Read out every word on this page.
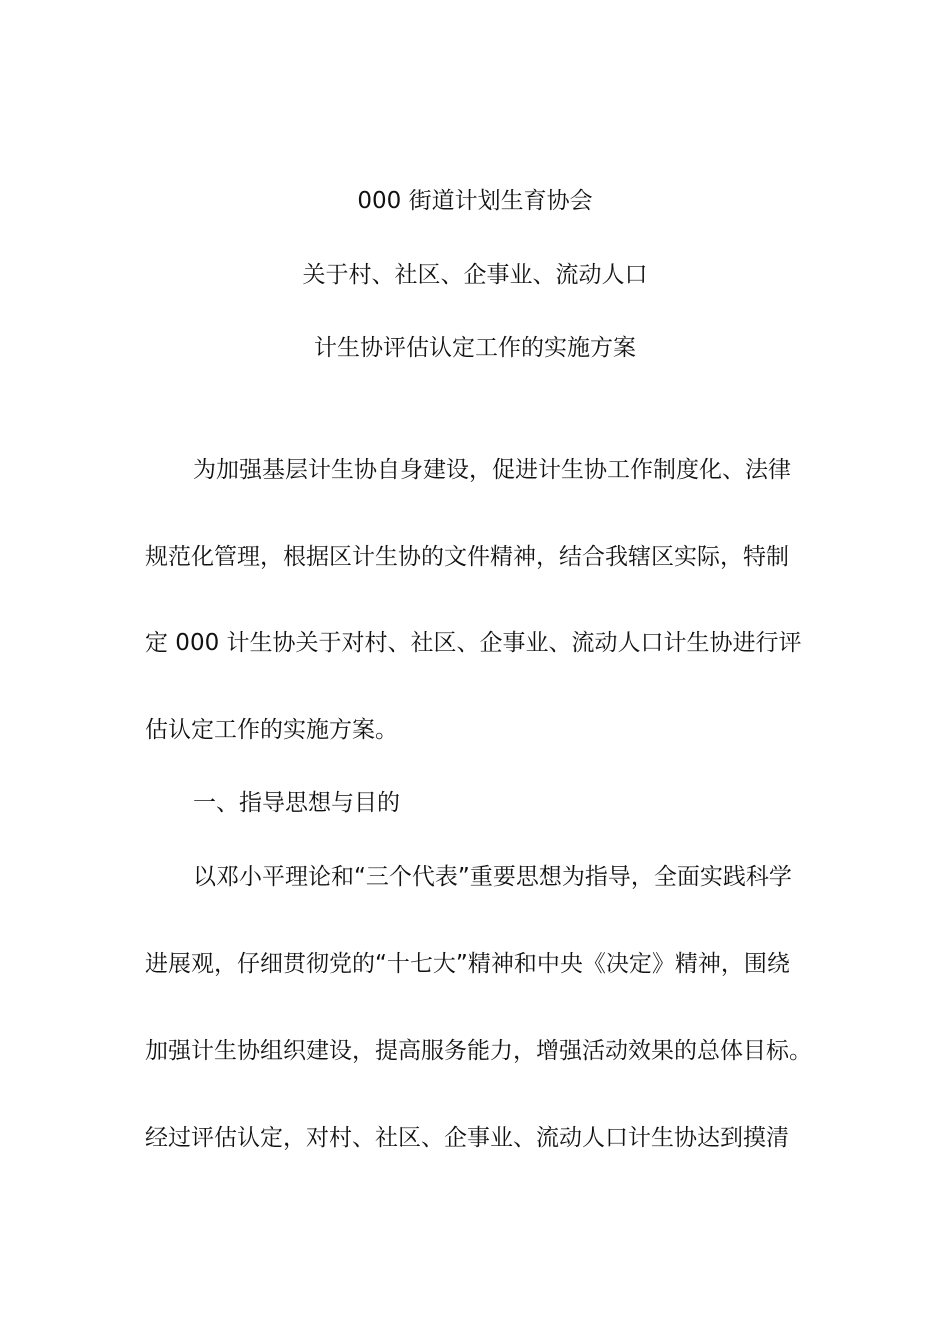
000 街道计划生育协会
关于村、社区、企事业、流动人口
计生协评估认定工作的实施方案
为加强基层计生协自身建设，促进计生协工作制度化、法律
规范化管理，根据区计生协的文件精神，结合我辖区实际，特制
定 000 计生协关于对村、社区、企事业、流动人口计生协进行评
估认定工作的实施方案。
一、指导思想与目的
以邓小平理论和“三个代表”重要思想为指导，全面实践科学
进展观，仔细贯彻党的“十七大”精神和中央《决定》精神，围绕
加强计生协组织建设，提高服务能力，增强活动效果的总体目标。
经过评估认定，对村、社区、企事业、流动人口计生协达到摸清
